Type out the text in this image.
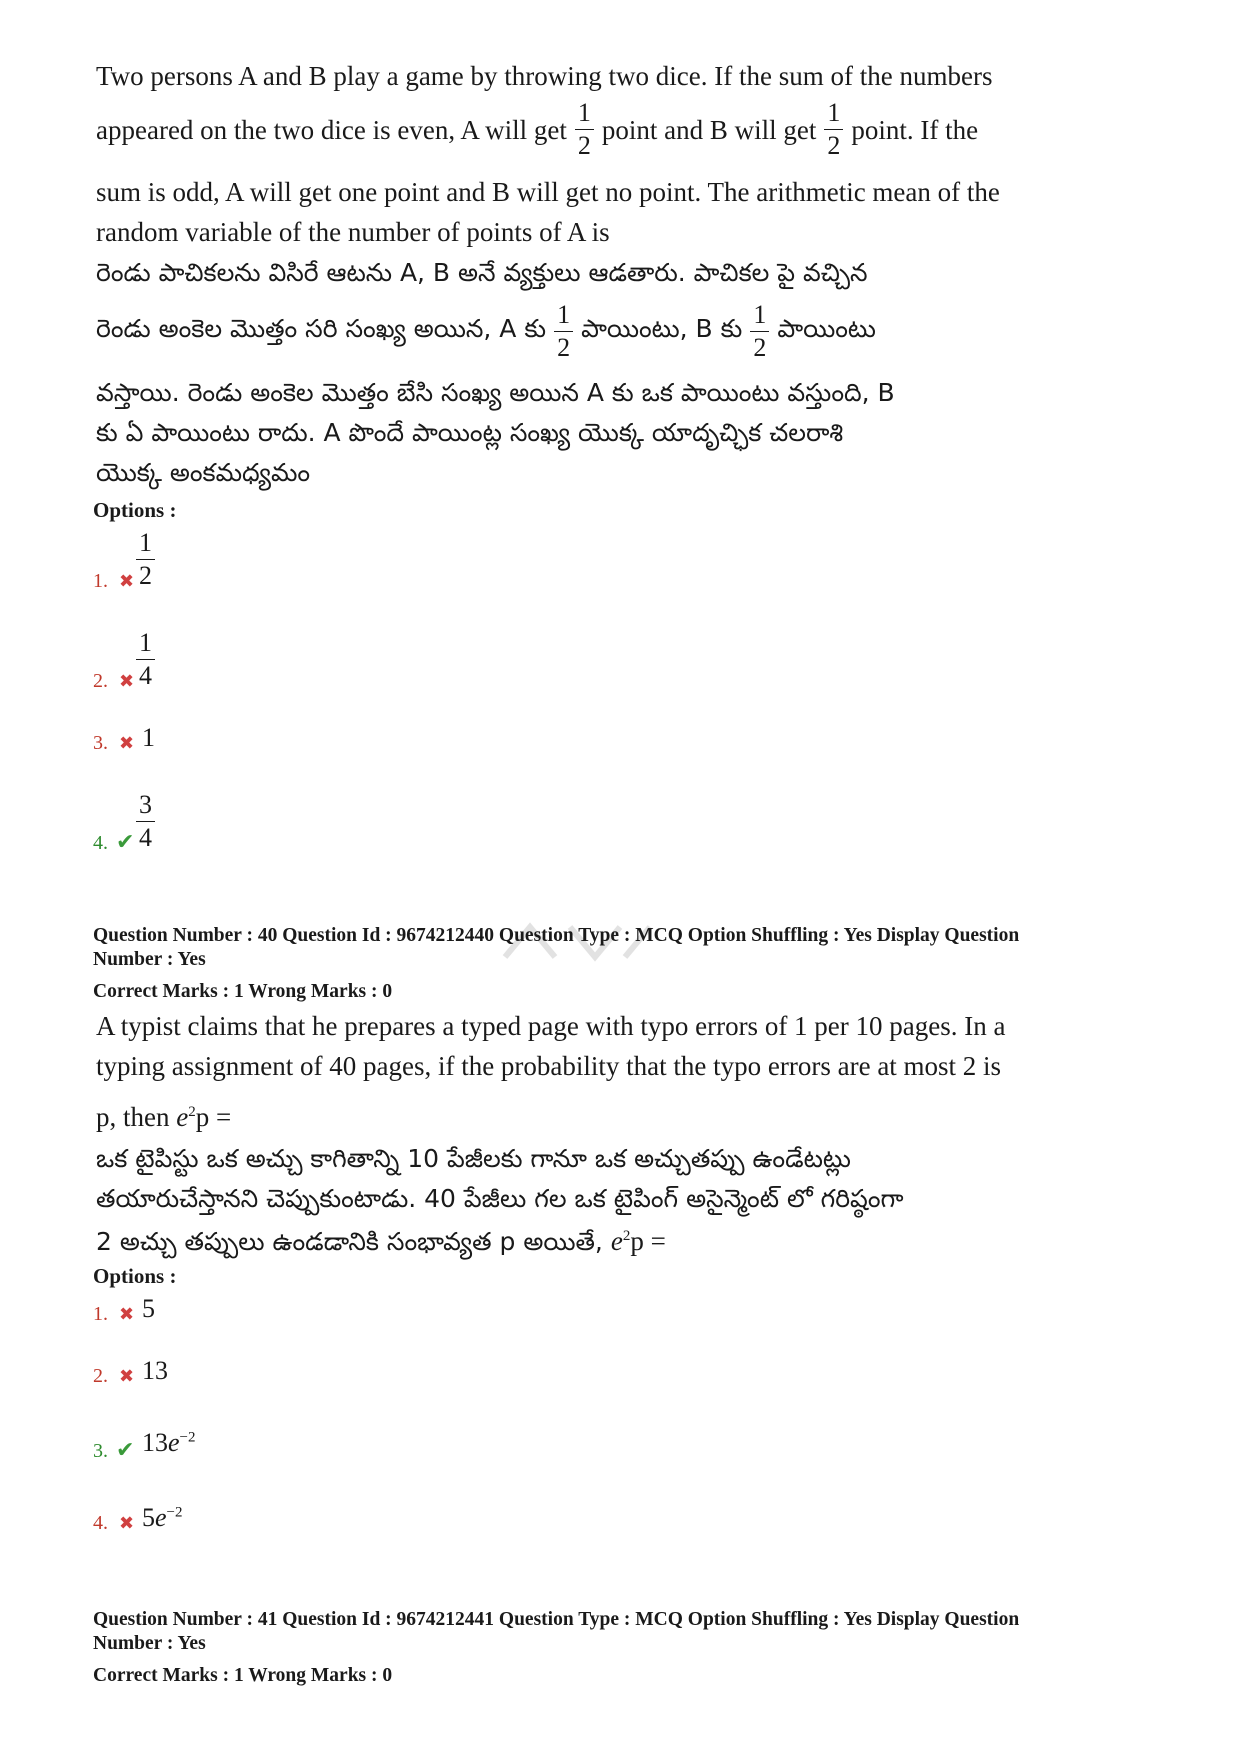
Two persons A and B play a game by throwing two dice. If the sum of the numbers
appeared on the two dice is even, A will get $\frac{1}{2}$ point and B will get $\frac{1}{2}$ point. If the
sum is odd, A will get one point and B will get no point. The arithmetic mean of the
random variable of the number of points of A is
రెండు పాచికలను విసిరే ఆటను A, B అనే వ్యక్తులు ఆడతారు. పాచికల పై వచ్చిన
రెండు అంకెల మొత్తం సరి సంఖ్య అయిన, A కు $\frac{1}{2}$ పాయింటు, B కు $\frac{1}{2}$ పాయింటు
వస్తాయి. రెండు అంకెల మొత్తం బేసి సంఖ్య అయిన A కు ఒక పాయింటు వస్తుంది, B
కు ఏ పాయింటు రాదు. A పొందే పాయింట్ల సంఖ్య యొక్క యాదృచ్ఛిక చలరాశి
యొక్క అంకమధ్యమం
Options :
1. ✖ $\frac{1}{2}$
2. ✖ $\frac{1}{4}$
3. ✖ 1
4. ✔ $\frac{3}{4}$
Question Number : 40 Question Id : 9674212440 Question Type : MCQ Option Shuffling : Yes Display Question
Number : Yes
Correct Marks : 1 Wrong Marks : 0
A typist claims that he prepares a typed page with typo errors of 1 per 10 pages. In a
typing assignment of 40 pages, if the probability that the typo errors are at most 2 is
p, then $e^2p$ =
ఒక టైపిస్టు ఒక అచ్చు కాగితాన్ని 10 పేజీలకు గానూ ఒక అచ్చుతప్పు ఉండేటట్లు
తయారుచేస్తానని చెప్పుకుంటాడు. 40 పేజీలు గల ఒక టైపింగ్ అసైన్మెంట్ లో గరిష్ఠంగా
2 అచ్చు తప్పులు ఉండడానికి సంభావ్యత p అయితే, $e^2p$ =
Options :
1. ✖ 5
2. ✖ 13
3. ✔ $13e^{-2}$
4. ✖ $5e^{-2}$
Question Number : 41 Question Id : 9674212441 Question Type : MCQ Option Shuffling : Yes Display Question
Number : Yes
Correct Marks : 1 Wrong Marks : 0
